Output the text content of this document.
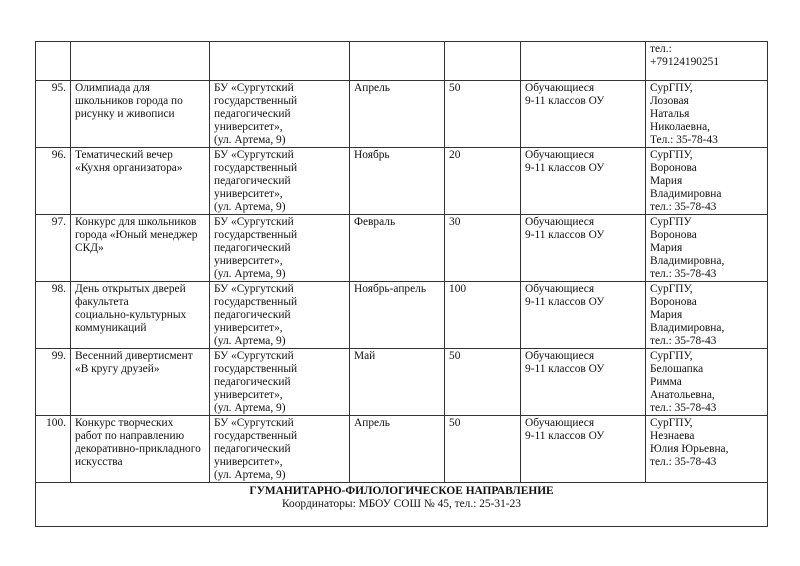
						тел.:
+79124190251
95.	Олимпиада для
школьников города по
рисунку и живописи	БУ «Сургутский
государственный
педагогический
университет»,
(ул. Артема, 9)	Апрель	50	Обучающиеся
9-11 классов ОУ	СурГПУ,
Лозовая
Наталья
Николаевна,
Тел.: 35-78-43
96.	Тематический вечер
«Кухня организатора»	БУ «Сургутский
государственный
педагогический
университет»,
(ул. Артема, 9)	Ноябрь	20	Обучающиеся
9-11 классов ОУ	СурГПУ,
Воронова
Мария
Владимировна
тел.: 35-78-43
97.	Конкурс для школьников
города «Юный менеджер
СКД»	БУ «Сургутский
государственный
педагогический
университет»,
(ул. Артема, 9)	Февраль	30	Обучающиеся
9-11 классов ОУ	СурГПУ
Воронова
Мария
Владимировна,
тел.: 35-78-43
98.	День открытых дверей
факультета
социально-культурных
коммуникаций	БУ «Сургутский
государственный
педагогический
университет»,
(ул. Артема, 9)	Ноябрь-апрель	100	Обучающиеся
9-11 классов ОУ	СурГПУ,
Воронова
Мария
Владимировна,
тел.: 35-78-43
99.	Весенний дивертисмент
«В кругу друзей»	БУ «Сургутский
государственный
педагогический
университет»,
(ул. Артема, 9)	Май	50	Обучающиеся
9-11 классов ОУ	СурГПУ,
Белошапка
Римма
Анатольевна,
тел.: 35-78-43
100.	Конкурс творческих
работ по направлению
декоративно-прикладного
искусства	БУ «Сургутский
государственный
педагогический
университет»,
(ул. Артема, 9)	Апрель	50	Обучающиеся
9-11 классов ОУ	СурГПУ,
Незнаева
Юлия Юрьевна,
тел.: 35-78-43

ГУМАНИТАРНО-ФИЛОЛОГИЧЕСКОЕ НАПРАВЛЕНИЕ
Координаторы: МБОУ СОШ № 45, тел.: 25-31-23						
